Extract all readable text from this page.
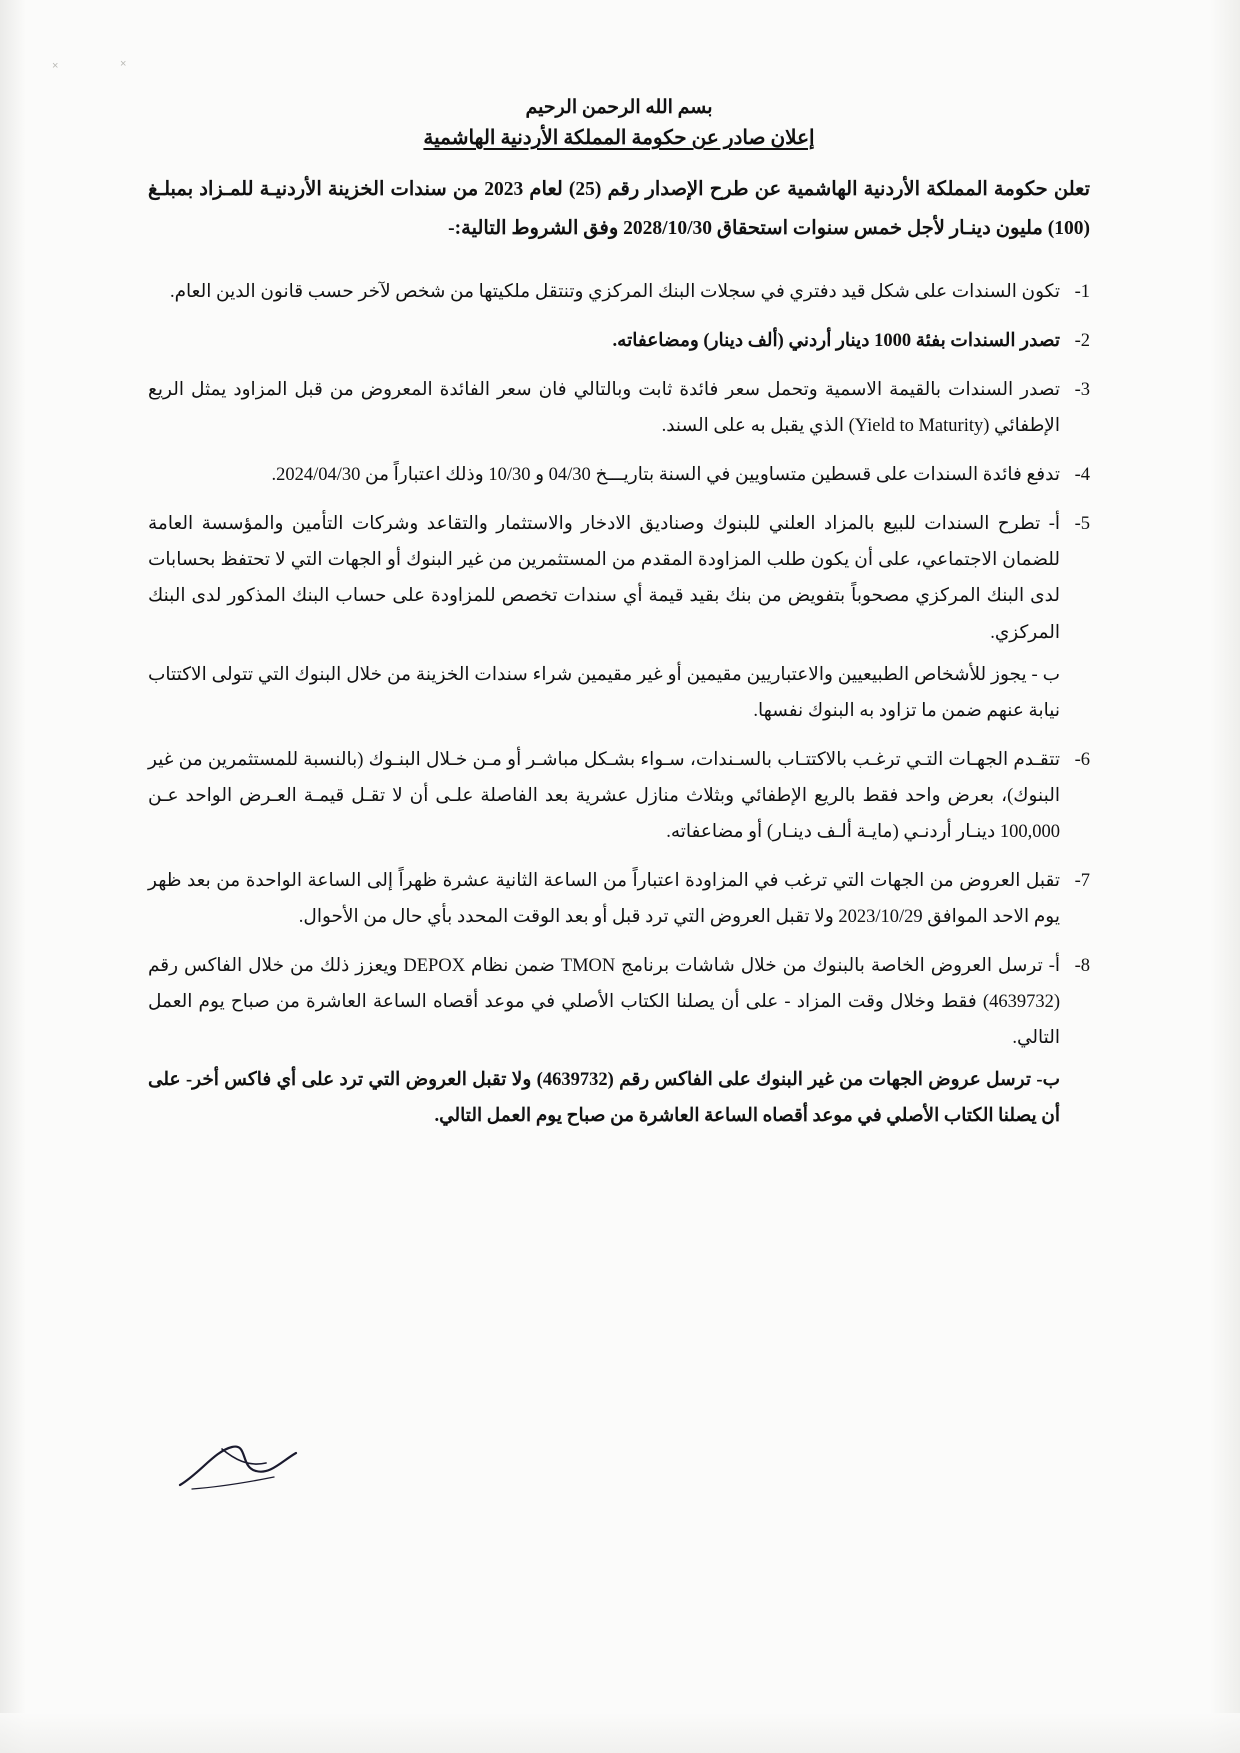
×	×
بسم الله الرحمن الرحيم
إعلان صادر عن حكومة المملكة الأردنية الهاشمية

تعلن حكومة المملكة الأردنية الهاشمية عن طرح الإصدار رقم (25) لعام 2023 من سندات الخزينة الأردنيـة للمـزاد بمبلـغ (100) مليون دينـار لأجل خمس سنوات استحقاق 2028/10/30 وفق الشروط التالية:-

1-

تكون السندات على شكل قيد دفتري في سجلات البنك المركزي وتنتقل ملكيتها من شخص لآخر حسب قانون الدين العام.

2-

تصدر السندات بفئة 1000 دينار أردني (ألف دينار) ومضاعفاته.

3-

تصدر السندات بالقيمة الاسمية وتحمل سعر فائدة ثابت وبالتالي فان سعر الفائدة المعروض من قبل المزاود يمثل الريع الإطفائي (Yield to Maturity) الذي يقبل به على السند.

4-

تدفع فائدة السندات على قسطين متساويين في السنة بتاريـــخ 04/30 و 10/30 وذلك اعتباراً من 2024/04/30.

5-

أ- تطرح السندات للبيع بالمزاد العلني للبنوك وصناديق الادخار والاستثمار والتقاعد وشركات التأمين والمؤسسة العامة للضمان الاجتماعي، على أن يكون طلب المزاودة المقدم من المستثمرين من غير البنوك أو الجهات التي لا تحتفظ بحسابات لدى البنك المركزي مصحوباً بتفويض من بنك بقيد قيمة أي سندات تخصص للمزاودة على حساب البنك المذكور لدى البنك المركزي.

ب - يجوز للأشخاص الطبيعيين والاعتباريين مقيمين أو غير مقيمين شراء سندات الخزينة من خلال البنوك التي تتولى الاكتتاب نيابة عنهم ضمن ما تزاود به البنوك نفسها.

6-

تتقـدم الجهـات التـي ترغـب بالاكتتـاب بالسـندات، سـواء بشـكل مباشـر أو مـن خـلال البنـوك (بالنسبة للمستثمرين من غير البنوك)، بعرض واحد فقط بالريع الإطفائي وبثلاث منازل عشرية بعد الفاصلة علـى أن لا تقـل قيمـة العـرض الواحد عـن 100,000 دينـار أردنـي (مايـة ألـف دينـار) أو مضاعفاته.

7-

تقبل العروض من الجهات التي ترغب في المزاودة اعتباراً من الساعة الثانية عشرة ظهراً إلى الساعة الواحدة من بعد ظهر يوم الاحد الموافق 2023/10/29 ولا تقبل العروض التي ترد قبل أو بعد الوقت المحدد بأي حال من الأحوال.

8-

أ- ترسل العروض الخاصة بالبنوك من خلال شاشات برنامج TMON ضمن نظام DEPOX ويعزز ذلك من خلال الفاكس رقم (4639732) فقط وخلال وقت المزاد - على أن يصلنا الكتاب الأصلي في موعد أقصاه الساعة العاشرة من صباح يوم العمل التالي.

ب- ترسل عروض الجهات من غير البنوك على الفاكس رقم (4639732) ولا تقبل العروض التي ترد على أي فاكس أخر- على أن يصلنا الكتاب الأصلي في موعد أقصاه الساعة العاشرة من صباح يوم العمل التالي.
